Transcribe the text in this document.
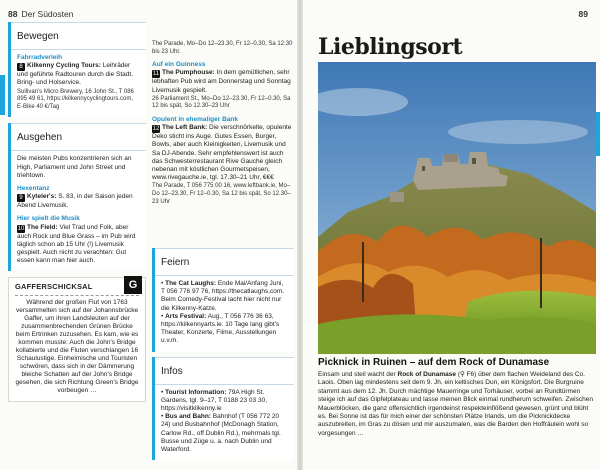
88 Der Südosten	89
Bewegen
Fahrradverleih
8 Kilkenny Cycling Tours: Leihräder und geführte Radtouren durch die Stadt. Bring- und Holservice.
Sullivan's Micro Brewery, 16 John St., T 086 895 49 61, https://kilkennycyclingtours.com, E-Bike 40 €/Tag
Ausgehen
Die meisten Pubs konzentrieren sich an High, Parliament und John Street und triehtown.
Hexentanz
9 Kyteler's: S. 83, in der Saison jeden Abend Livemusik.
Hier spielt die Musik
10 The Field: Viel Trad und Folk, aber auch Rock und Blue Grass – im Pub wird täglich schon ab 15 Uhr (!) Livemusik gespielt. Auch nicht zu verachten: Gut essen kann man hier auch.
GAFFERSCHICKSAL	G
Während der großen Flut von 1763 versammelten sich auf der Johannsbrücke Gaffer, um ihren Landsleuten auf der zusammenbrechenden Grünen Brücke beim Ertrinken zuzusehen. Es kam, wie es kommen musste: Auch die John's Bridge kollabierte und die Fluten verschlangen 16 Schaulustige. Einheimische und Touristen schwören, dass sich in der Dämmerung bleiche Schatten auf der John's Bridge gesehen, die sich Richtung Green's Bridge vorbeugen …
The Parade, Mo–Do 12–23.30, Fr 12–0.30, Sa 12.30 bis 23 Uhr.
Auf ein Guinness
11 The Pumphouse: In dem gemütlichen, sehr lebhaften Pub wird am Donnerstag und Sonntag Livemusik gespielt.
26 Parliament St., Mo–Do 12–23.30, Fr 12–0.30, Sa 12 bis spät, So 12.30–23 Uhr
Opulent in ehemaliger Bank
12 The Left Bank: Die verschnörkelte, opulente Deko sticht ins Auge. Gutes Essen, Burger, Bowls, aber auch Kleinigkeiten, Livemusik und Sa DJ-Abende. Sehr empfehlenswert ist auch das Schwesterrestaurant Rive Gauche gleich nebenan mit köstlichen Gourmetspeisen, www.rivegauche.ie, tgl. 17.30–21 Uhr, €€€
The Parade, T 056 775 00 16, www.leftbank.ie, Mo–Do 12–23.30, Fr 12–0.30, Sa 12 bis spät, So 12.30–23 Uhr
Feiern
• The Cat Laughs: Ende Mai/Anfang Juni, T 056 776 97 76, https://thecatlaughs.com. Beim Comedy-Festival lacht hier nicht nur die Kilkenny-Katze.
• Arts Festival: Aug., T 056 776 36 63, https://kilkennyarts.ie. 10 Tage lang gibt's Theater, Konzerte, Filme, Ausstellungen u.v.m.
Infos
• Tourist Information: 79A High St. Gardens, tgl. 9–17, T 0188 23 03 30, https://visitkilkenny.ie
• Bus and Bahn: Bahnhof (T 056 772 20 24) und Busbahnhof (McDonagh Station, Carlow Rd., off Dublin Rd.), mehrmals tgl. Busse und Züge u. a. nach Dublin und Waterford.
Lieblingsort
Picknick in Ruinen – auf dem Rock of Dunamase
Einsam und steil wacht der Rock of Dunamase (⚲ F6) über dem flachen Weideland des Co. Laois. Oben lag mindestens seit dem 9. Jh. ein keltisches Dun, ein Königsfort. Die Burgruine stammt aus dem 12. Jh. Durch mächtige Mauerringe und Torhäuser, vorbei an Rundtürmen steige ich auf das Gipfelplateau und lasse meinen Blick einmal rundherum schweifen. Zwischen Mauerblöcken, die ganz offensichtlich irgendeinst respekteinflößend gewesen, grünt und blüht es. Bei Sonne ist das für mich einer der schönsten Plätze Irlands, um die Picknickdecke auszubreiten, im Gras zu dösen und mir auszumalen, was die Barden den Hoffräulein wohl so vorgesungen …
